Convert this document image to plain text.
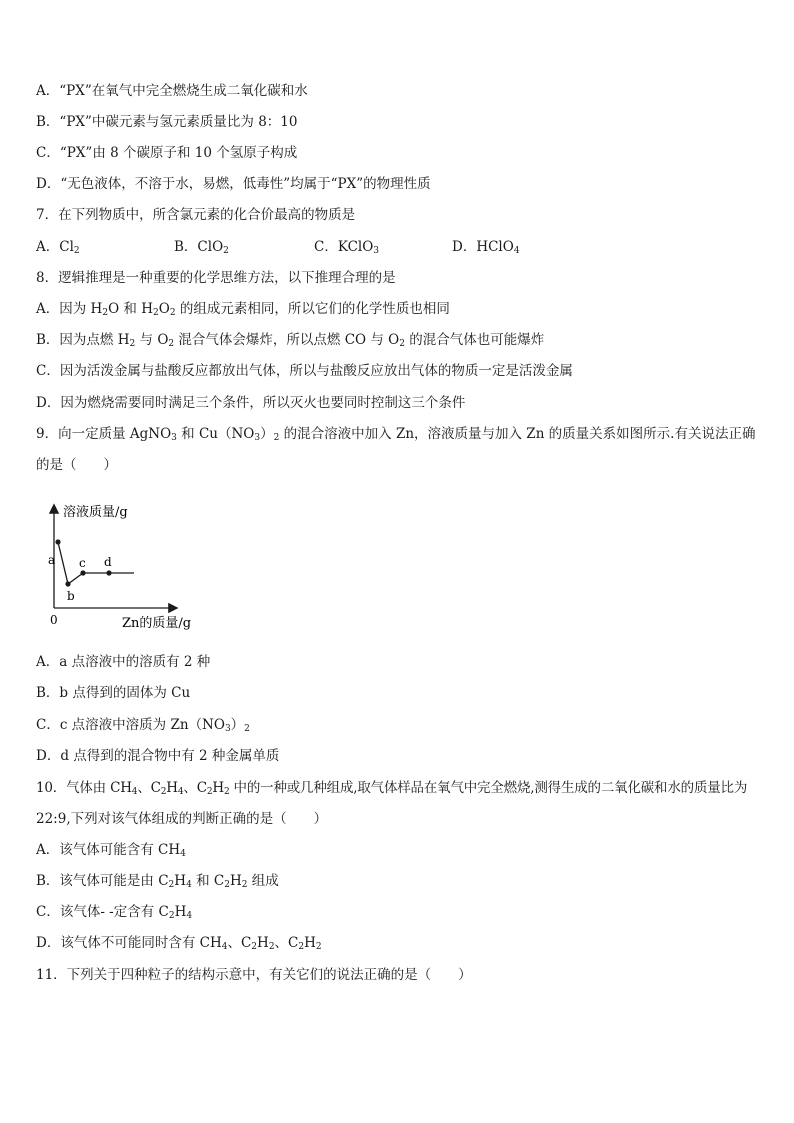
A．“PX”在氧气中完全燃烧生成二氧化碳和水
B．“PX”中碳元素与氢元素质量比为 8：10
C．“PX”由 8 个碳原子和 10 个氢原子构成
D．“无色液体，不溶于水，易燃，低毒性”均属于“PX”的物理性质
7．在下列物质中，所含氯元素的化合价最高的物质是
A．$Cl_2$	B．ClO$_2$	C．KClO$_3$	D．HClO$_4$
8．逻辑推理是一种重要的化学思维方法，以下推理合理的是
A．因为 $H_2O$ 和 $H_2O_2$ 的组成元素相同，所以它们的化学性质也相同
B．因为点燃 $H_2$ 与 $O_2$ 混合气体会爆炸，所以点燃 CO 与 $O_2$ 的混合气体也可能爆炸
C．因为活泼金属与盐酸反应都放出气体，所以与盐酸反应放出气体的物质一定是活泼金属
D．因为燃烧需要同时满足三个条件，所以灭火也要同时控制这三个条件
9．向一定质量 AgNO$_3$ 和 $Cu(NO_3)_2$ 的混合溶液中加入 Zn，溶液质量与加入 Zn 的质量关系如图所示.有关说法正确
的是（　　）
溶液质量/g
Zn的质量/g
0
a
b
c d
A．a 点溶液中的溶质有 2 种
B．b 点得到的固体为 Cu
C．c 点溶液中溶质为 $Zn(NO_3)_2$
D．d 点得到的混合物中有 2 种金属单质
10．气体由 $CH_4$、$C_2H_4$、$C_2H_2$ 中的一种或几种组成,取气体样品在氧气中完全燃烧,测得生成的二氧化碳和水的质量比为
22:9,下列对该气体组成的判断正确的是（　　）
A．该气体可能含有 $CH_4$
B．该气体可能是由 $C_2H_4$ 和 $C_2H_2$ 组成
C．该气体- -定含有 $C_2H_4$
D．该气体不可能同时含有 $CH_4$、$C_2H_2$、$C_2H_2$
11．下列关于四种粒子的结构示意中，有关它们的说法正确的是（　　）
